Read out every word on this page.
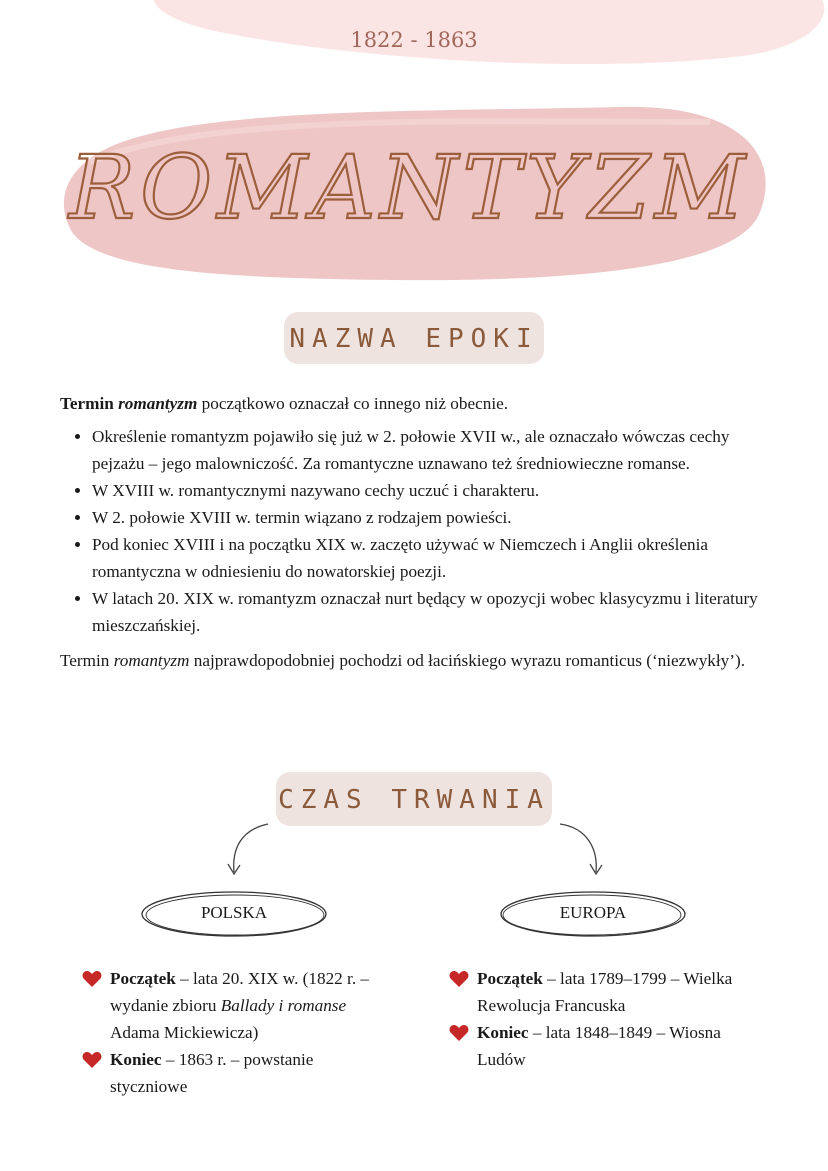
1822 - 1863
ROMANTYZM
NAZWA EPOKI

Termin romantyzm początkowo oznaczał co innego niż obecnie.

• Określenie romantyzm pojawiło się już w 2. połowie XVII w., ale oznaczało wówczas cechy pejzażu – jego malowniczość. Za romantyczne uznawano też średniowieczne romanse.
• W XVIII w. romantycznymi nazywano cechy uczuć i charakteru.
• W 2. połowie XVIII w. termin wiązano z rodzajem powieści.
• Pod koniec XVIII i na początku XIX w. zaczęto używać w Niemczech i Anglii określenia romantyczna w odniesieniu do nowatorskiej poezji.
• W latach 20. XIX w. romantyzm oznaczał nurt będący w opozycji wobec klasycyzmu i literatury mieszczańskiej.

Termin romantyzm najprawdopodobniej pochodzi od łacińskiego wyrazu romanticus (‘niezwykły’).

CZAS TRWANIA
POLSKA	EUROPA
Początek – lata 20. XIX w. (1822 r. – wydanie zbioru Ballady i romanse Adama Mickiewicza)
Koniec – 1863 r. – powstanie styczniowe
Początek – lata 1789–1799 – Wielka Rewolucja Francuska
Koniec – lata 1848–1849 – Wiosna Ludów
